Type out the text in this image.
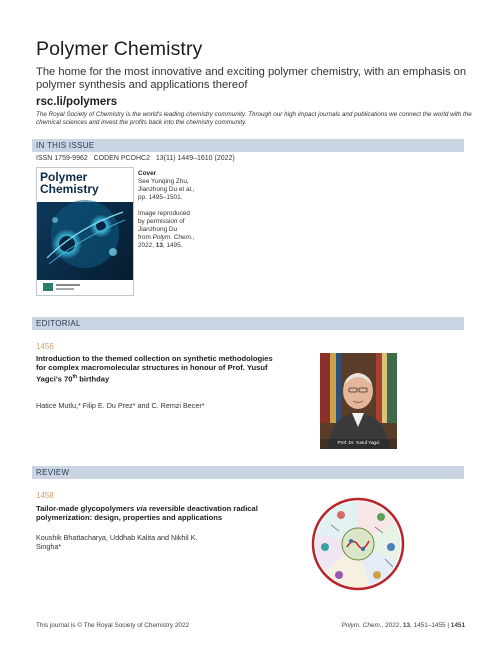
Polymer Chemistry
The home for the most innovative and exciting polymer chemistry, with an emphasis on polymer synthesis and applications thereof
rsc.li/polymers
The Royal Society of Chemistry is the world's leading chemistry community. Through our high impact journals and publications we connect the world with the chemical sciences and invest the profits back into the chemistry community.
IN THIS ISSUE
ISSN 1759-9962 CODEN PCOHC2 13(11) 1449–1610 (2022)
Polymer
Chemistry
Cover
See Yunqing Zhu,
Jianzhong Du et al.,
pp. 1495–1501.
Image reproduced
by permission of
Jianzhong Du
from Polym. Chem.,
2022, 13, 1495.
EDITORIAL
1456
Introduction to the themed collection on synthetic methodologies for complex macromolecular structures in honour of Prof. Yusuf Yagci's 70th birthday
Hatice Mutlu,* Filip E. Du Prez* and C. Remzi Becer*
Prof. Dr. Yusuf Yagci
REVIEW
1458
Tailor-made glycopolymers via reversible deactivation radical polymerization: design, properties and applications
Koushik Bhattacharya, Uddhab Kalita and Nikhil K. Singha*
This journal is © The Royal Society of Chemistry 2022	Polym. Chem., 2022, 13, 1451–1455 | 1451
